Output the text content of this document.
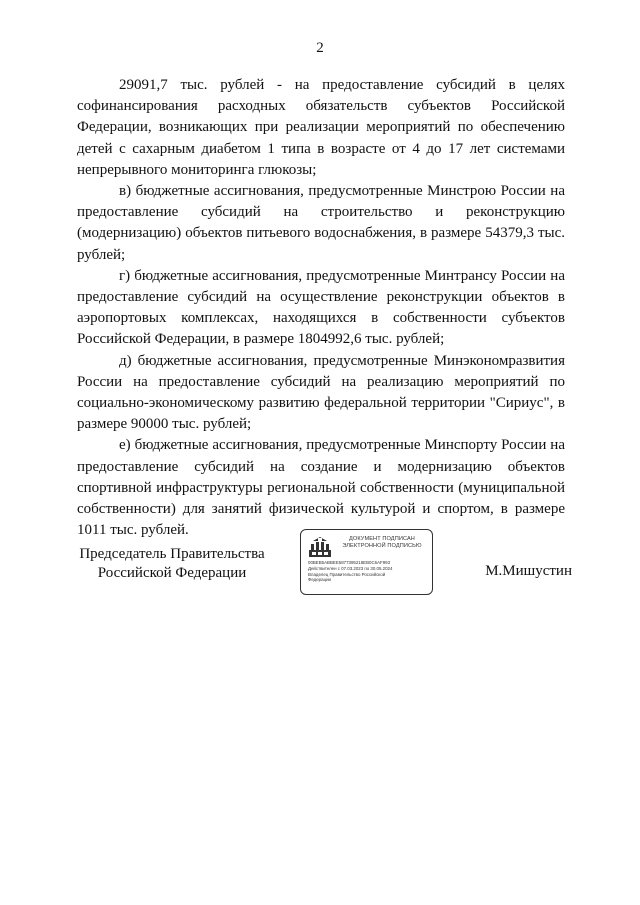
2

29091,7 тыс. рублей - на предоставление субсидий в целях софинансирования расходных обязательств субъектов Российской Федерации, возникающих при реализации мероприятий по обеспечению детей с сахарным диабетом 1 типа в возрасте от 4 до 17 лет системами непрерывного мониторинга глюкозы;

в) бюджетные ассигнования, предусмотренные Минстрою России на предоставление субсидий на строительство и реконструкцию (модернизацию) объектов питьевого водоснабжения, в размере 54379,3 тыс. рублей;

г) бюджетные ассигнования, предусмотренные Минтрансу России на предоставление субсидий на осуществление реконструкции объектов в аэропортовых комплексах, находящихся в собственности субъектов Российской Федерации, в размере 1804992,6 тыс. рублей;

д) бюджетные ассигнования, предусмотренные Минэкономразвития России на предоставление субсидий на реализацию мероприятий по социально-экономическому развитию федеральной территории "Сириус", в размере 90000 тыс. рублей;

е) бюджетные ассигнования, предусмотренные Минспорту России на предоставление субсидий на создание и модернизацию объектов спортивной инфраструктуры региональной собственности (муниципальной собственности) для занятий физической культурой и спортом, в размере 1011 тыс. рублей.

Председатель Правительства
Российской Федерации
ДОКУМЕНТ ПОДПИСАН
ЭЛЕКТРОННОЙ ПОДПИСЬЮ
00BEB5ABBEE5877395218EB0C6AF993
Действителен с 07.03.2023 по 30.05.2024
Владелец Правительство Российской
Федерации
М.Мишустин
